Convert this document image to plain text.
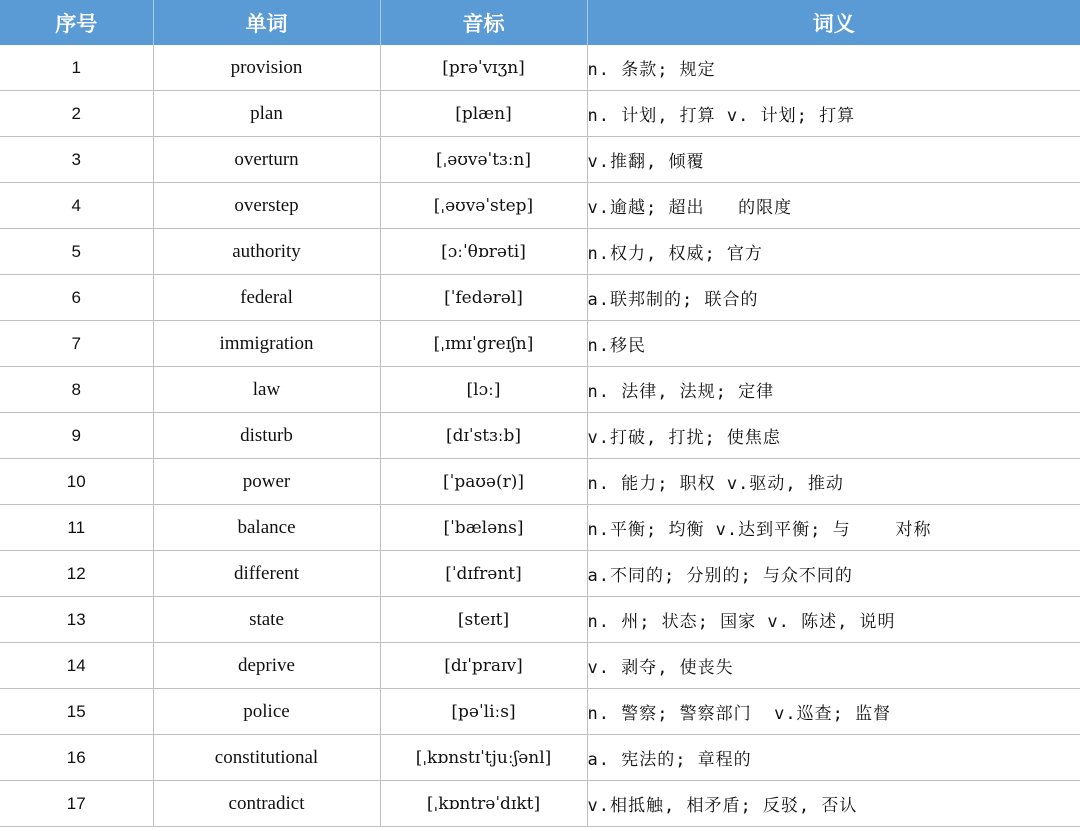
序号	单词	音标	词义
1	provision	[prəˈvɪʒn]	n. 条款; 规定
2	plan	[plæn]	n. 计划, 打算 v. 计划; 打算
3	overturn	[ˌəʊvəˈtɜːn]	v.推翻, 倾覆
4	overstep	[ˌəʊvəˈstep]	v.逾越; 超出   的限度
5	authority	[ɔːˈθɒrəti]	n.权力, 权威; 官方
6	federal	[ˈfedərəl]	a.联邦制的; 联合的
7	immigration	[ˌɪmɪˈgreɪʃn]	n.移民
8	law	[lɔː]	n. 法律, 法规; 定律
9	disturb	[dɪˈstɜːb]	v.打破, 打扰; 使焦虑
10	power	[ˈpaʊə(r)]	n. 能力; 职权 v.驱动, 推动
11	balance	[ˈbæləns]	n.平衡; 均衡 v.达到平衡; 与    对称
12	different	[ˈdɪfrənt]	a.不同的; 分别的; 与众不同的
13	state	[steɪt]	n. 州; 状态; 国家 v. 陈述, 说明
14	deprive	[dɪˈpraɪv]	v. 剥夺, 使丧失
15	police	[pəˈliːs]	n. 警察; 警察部门  v.巡查; 监督
16	constitutional	[ˌkɒnstɪˈtjuːʃənl]	a. 宪法的; 章程的
17	contradict	[ˌkɒntrəˈdɪkt]	v.相抵触, 相矛盾; 反驳, 否认
